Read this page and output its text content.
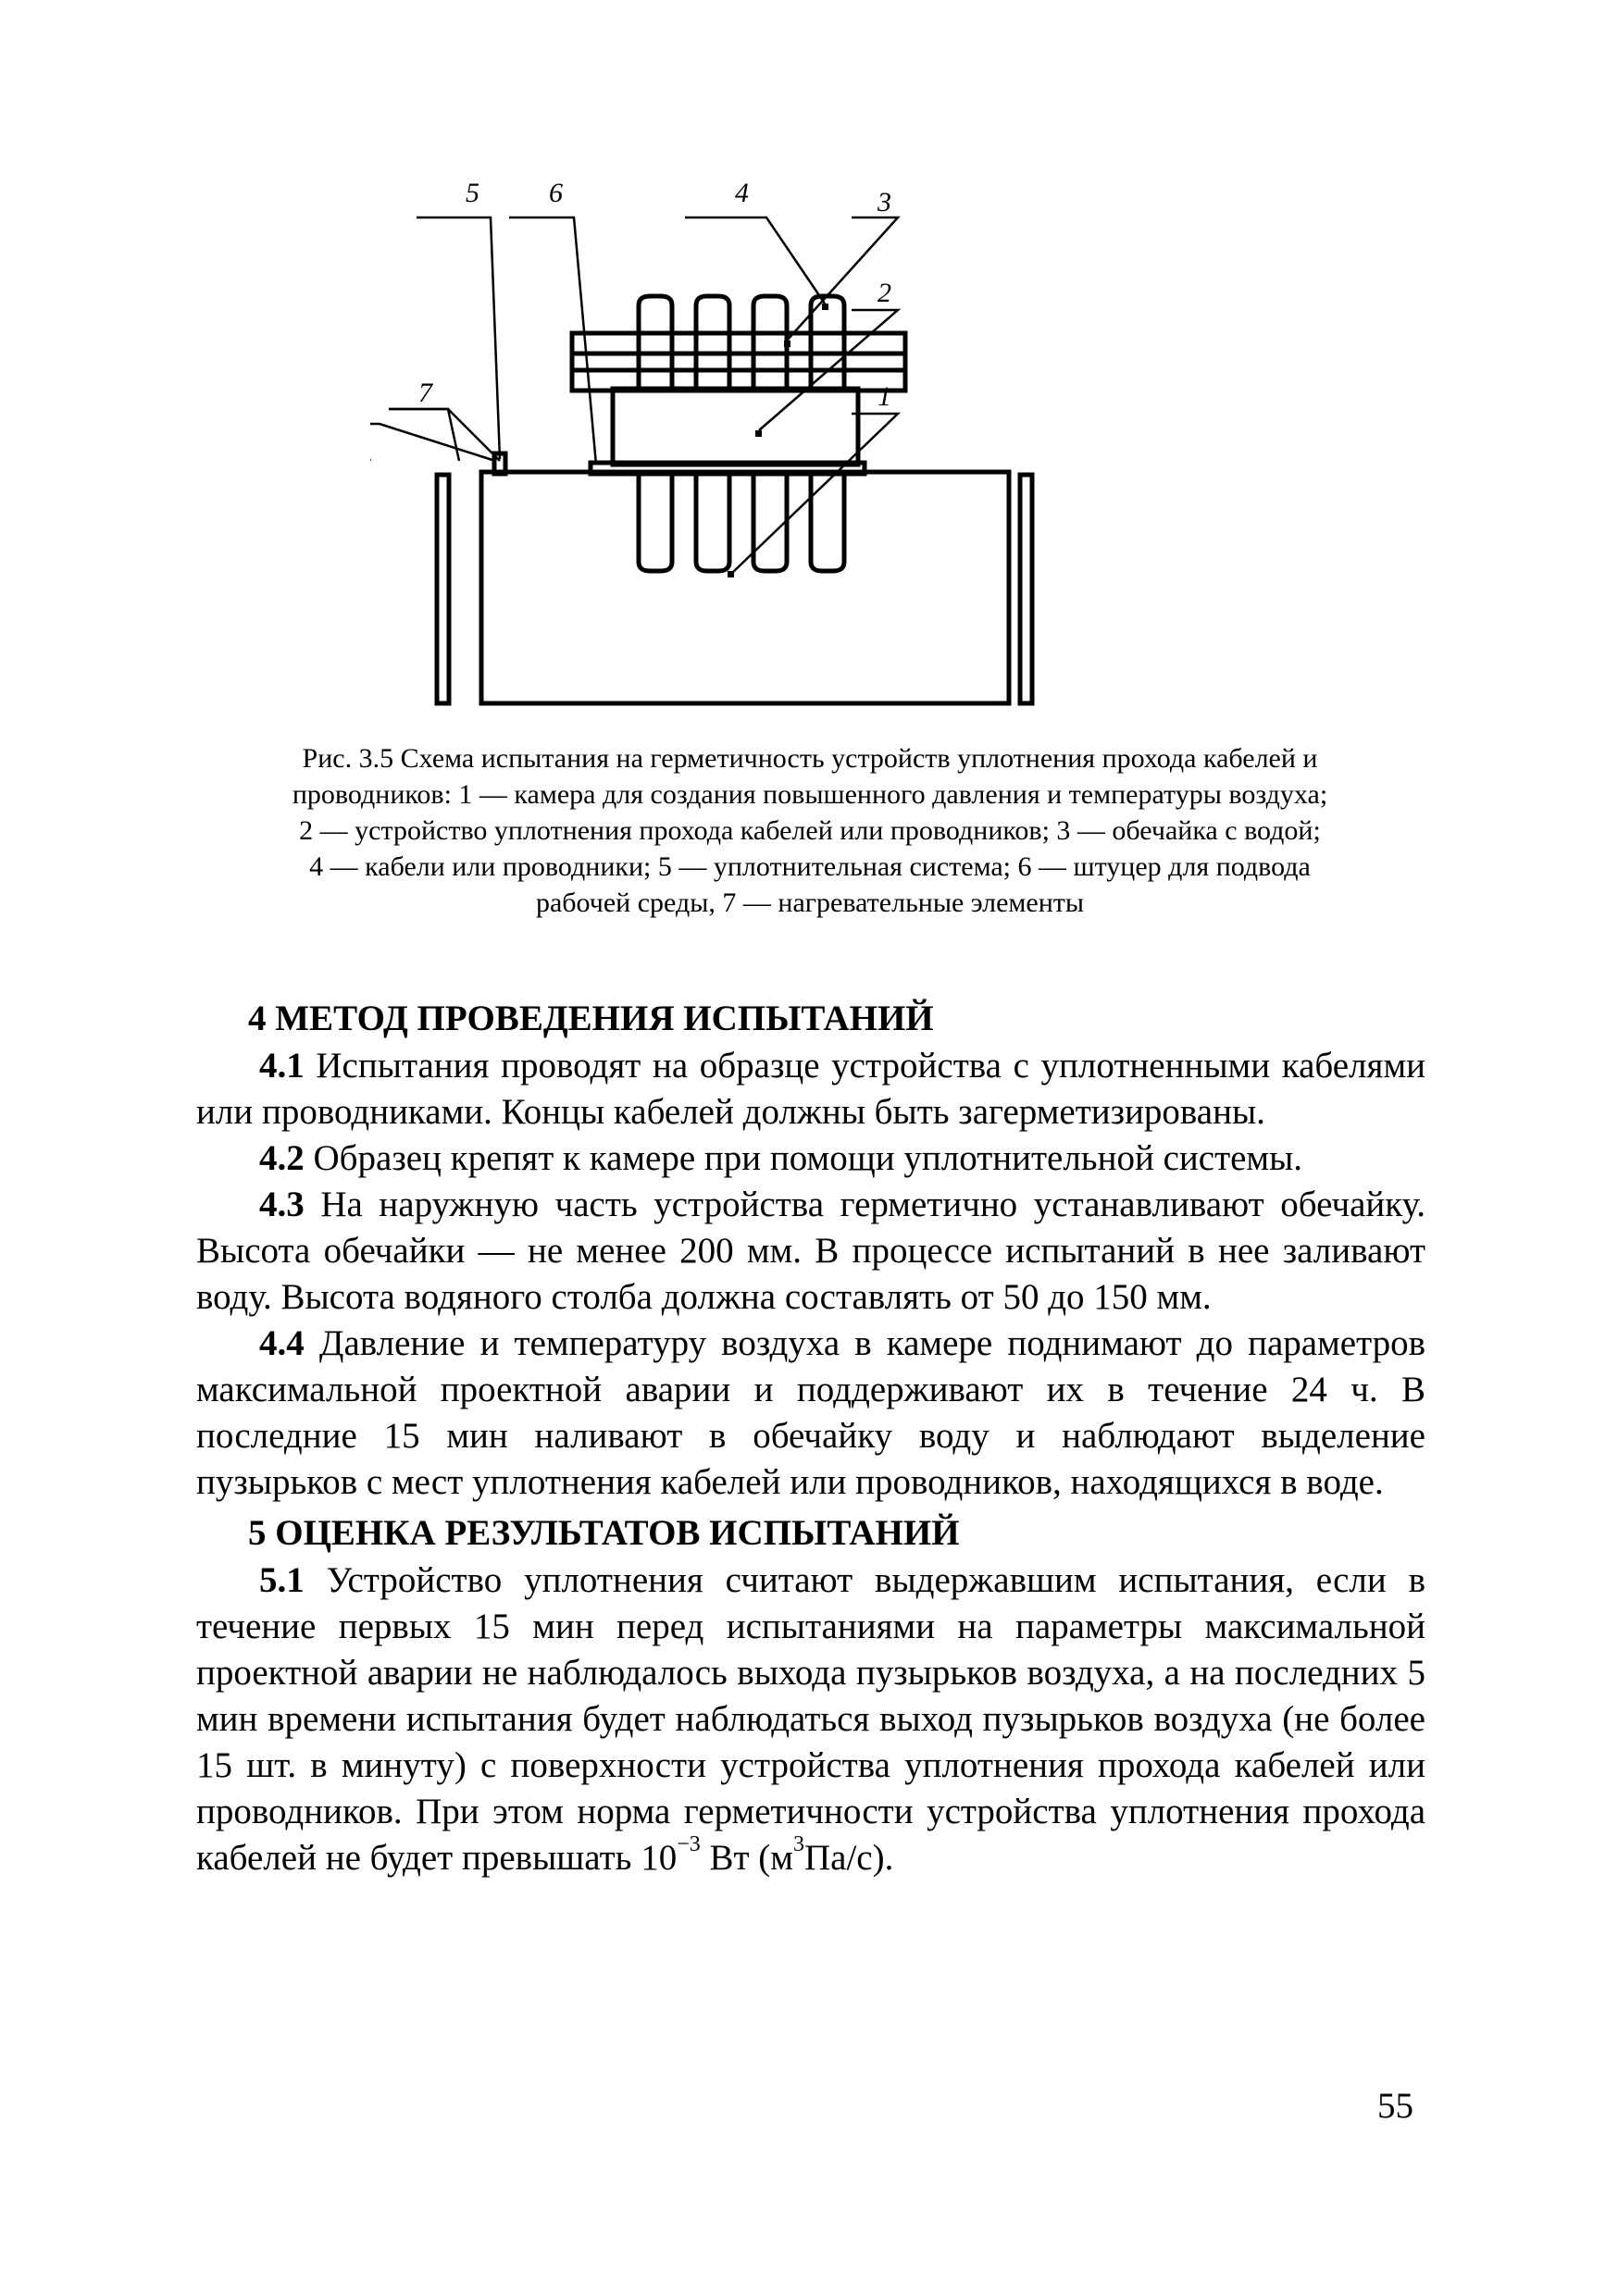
5	6	4	3
2
1
7
Рис. 3.5 Схема испытания на герметичность устройств уплотнения прохода кабелей и
проводников: 1 — камера для создания повышенного давления и температуры воздуха;
2 — устройство уплотнения прохода кабелей или проводников; 3 — обечайка с водой;
4 — кабели или проводники; 5 — уплотнительная система; 6 — штуцер для подвода
рабочей среды, 7 — нагревательные элементы
4 МЕТОД ПРОВЕДЕНИЯ ИСПЫТАНИЙ

4.1 Испытания проводят на образце устройства с уплотненными кабелями или проводниками. Концы кабелей должны быть загерметизированы.

4.2 Образец крепят к камере при помощи уплотнительной системы.

4.3 На наружную часть устройства герметично устанавливают обечайку. Высота обечайки — не менее 200 мм. В процессе испытаний в нее заливают воду. Высота водяного столба должна составлять от 50 до 150 мм.

4.4 Давление и температуру воздуха в камере поднимают до параметров максимальной проектной аварии и поддерживают их в течение 24 ч. В последние 15 мин наливают в обечайку воду и наблюдают выделение пузырьков с мест уплотнения кабелей или проводников, находящихся в воде.

5 ОЦЕНКА РЕЗУЛЬТАТОВ ИСПЫТАНИЙ

5.1 Устройство уплотнения считают выдержавшим испытания, если в течение первых 15 мин перед испытаниями на параметры максимальной проектной аварии не наблюдалось выхода пузырьков воздуха, а на последних 5 мин времени испытания будет наблюдаться выход пузырьков воздуха (не более 15 шт. в минуту) с поверхности устройства уплотнения прохода кабелей или проводников. При этом норма герметичности устройства уплотнения прохода кабелей не будет превышать $10^{-3}$ Вт $(м^3Па/с)$.

55
